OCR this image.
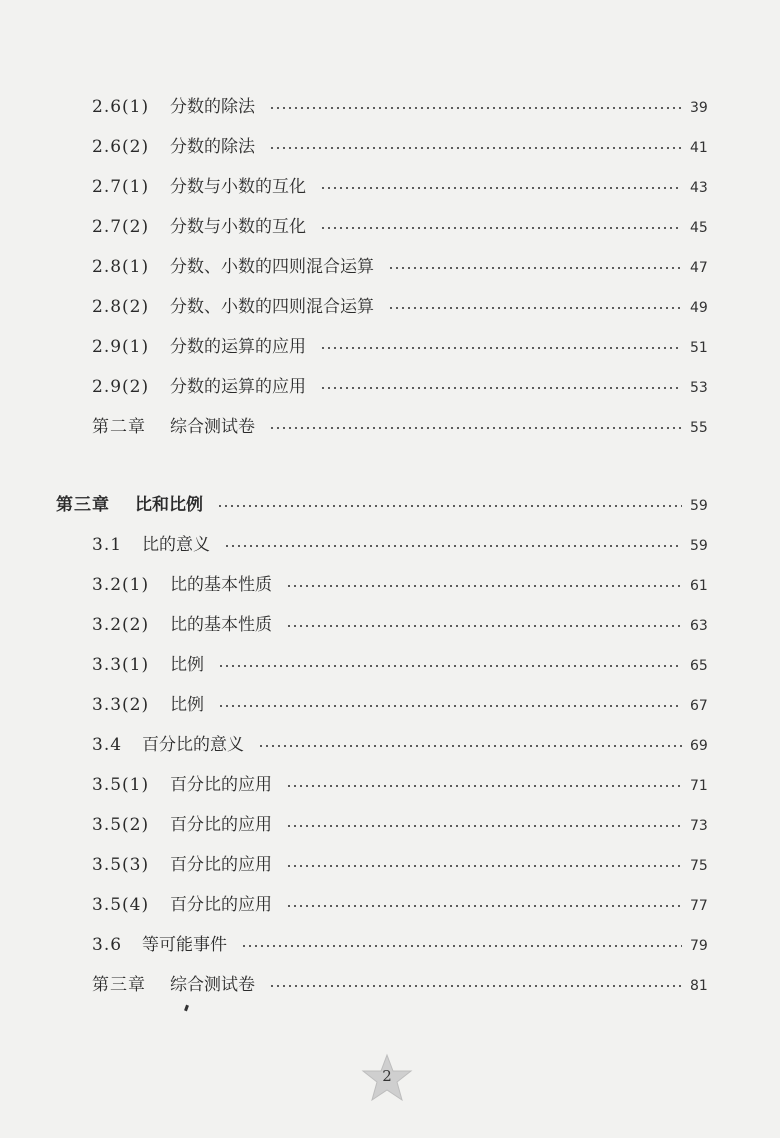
2.6(1) 分数的除法	39
2.6(2) 分数的除法	41
2.7(1) 分数与小数的互化	43
2.7(2) 分数与小数的互化	45
2.8(1) 分数、小数的四则混合运算	47
2.8(2) 分数、小数的四则混合运算	49
2.9(1) 分数的运算的应用	51
2.9(2) 分数的运算的应用	53
第二章 综合测试卷	55
第三章 比和比例	59
3.1 比的意义	59
3.2(1) 比的基本性质	61
3.2(2) 比的基本性质	63
3.3(1) 比例	65
3.3(2) 比例	67
3.4 百分比的意义	69
3.5(1) 百分比的应用	71
3.5(2) 百分比的应用	73
3.5(3) 百分比的应用	75
3.5(4) 百分比的应用	77
3.6 等可能事件	79
第三章 综合测试卷	81
2
